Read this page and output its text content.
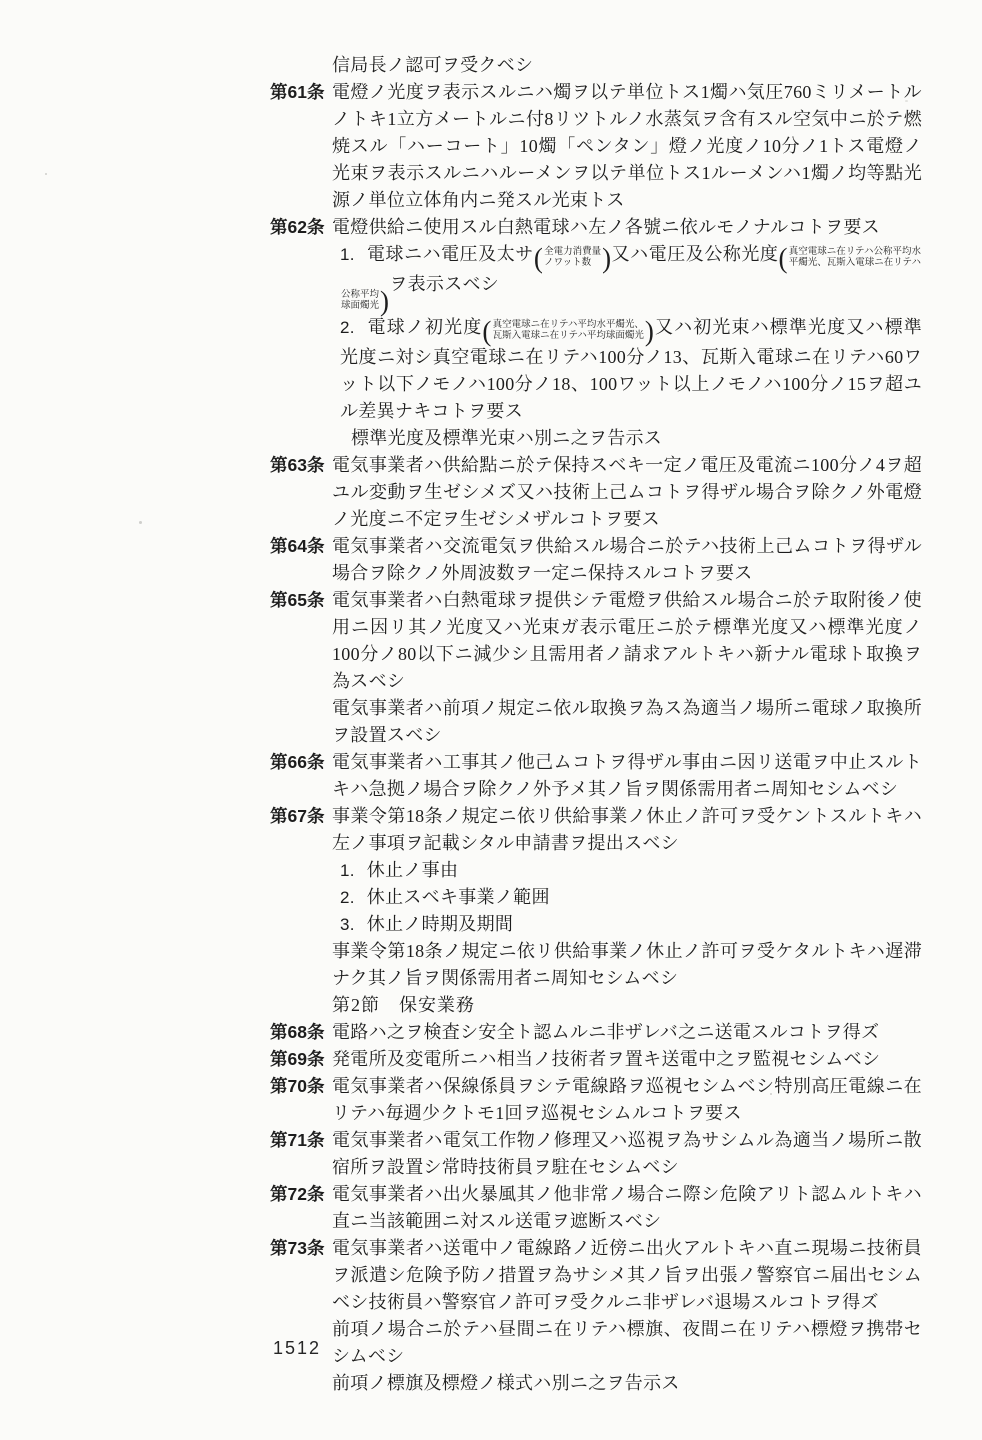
信局長ノ認可ヲ受クベシ

第61条 電燈ノ光度ヲ表示スルニハ燭ヲ以テ単位トス1燭ハ気圧760ミリメートルノトキ1立方メートルニ付8リツトルノ水蒸気ヲ含有スル空気中ニ於テ燃焼スル「ハーコート」10燭「ペンタン」燈ノ光度ノ10分ノ1トス電燈ノ光束ヲ表示スルニハルーメンヲ以テ単位トス1ルーメンハ1燭ノ均等點光源ノ単位立体角内ニ発スル光束トス

第62条 電燈供給ニ使用スル白熱電球ハ左ノ各號ニ依ルモノナルコトヲ要ス

1. 電球ニハ電圧及太サ ( 全電力消費量
ノワット数 ) 又ハ電圧及公称光度 ( 真空電球ニ在リテハ公称平均水
平燭光、瓦斯入電球ニ在リテハ
公称平均
球面燭光 )
ヲ表示スベシ

2. 電球ノ初光度 ( 真空電球ニ在リテハ平均水平燭光、
瓦斯入電球ニ在リテハ平均球面燭光 ) 又ハ初光束ハ標準光度又ハ標準光度ニ対シ真空電球ニ在リテハ100分ノ13、瓦斯入電球ニ在リテハ60ワット以下ノモノハ100分ノ18、100ワット以上ノモノハ100分ノ15ヲ超ユル差異ナキコトヲ要ス

標準光度及標準光束ハ別ニ之ヲ告示ス

第63条 電気事業者ハ供給點ニ於テ保持スベキ一定ノ電圧及電流ニ100分ノ4ヲ超ユル変動ヲ生ゼシメズ又ハ技術上己ムコトヲ得ザル場合ヲ除クノ外電燈ノ光度ニ不定ヲ生ゼシメザルコトヲ要ス

第64条 電気事業者ハ交流電気ヲ供給スル場合ニ於テハ技術上己ムコトヲ得ザル場合ヲ除クノ外周波数ヲ一定ニ保持スルコトヲ要ス

第65条 電気事業者ハ白熱電球ヲ提供シテ電燈ヲ供給スル場合ニ於テ取附後ノ使用ニ因リ其ノ光度又ハ光束ガ表示電圧ニ於テ標準光度又ハ標準光度ノ100分ノ80以下ニ減少シ且需用者ノ請求アルトキハ新ナル電球ト取換ヲ為スベシ

電気事業者ハ前項ノ規定ニ依ル取換ヲ為ス為適当ノ場所ニ電球ノ取換所ヲ設置スベシ

第66条 電気事業者ハ工事其ノ他己ムコトヲ得ザル事由ニ因リ送電ヲ中止スルトキハ急拠ノ場合ヲ除クノ外予メ其ノ旨ヲ関係需用者ニ周知セシムベシ

第67条 事業令第18条ノ規定ニ依リ供給事業ノ休止ノ許可ヲ受ケントスルトキハ左ノ事項ヲ記載シタル申請書ヲ提出スベシ

1. 休止ノ事由

2. 休止スベキ事業ノ範囲

3. 休止ノ時期及期間

事業令第18条ノ規定ニ依リ供給事業ノ休止ノ許可ヲ受ケタルトキハ遅滞ナク其ノ旨ヲ関係需用者ニ周知セシムベシ

第2節　保安業務

第68条 電路ハ之ヲ検査シ安全ト認ムルニ非ザレバ之ニ送電スルコトヲ得ズ

第69条 発電所及変電所ニハ相当ノ技術者ヲ置キ送電中之ヲ監視セシムベシ

第70条 電気事業者ハ保線係員ヲシテ電線路ヲ巡視セシムベシ特別高圧電線ニ在リテハ毎週少クトモ1回ヲ巡視セシムルコトヲ要ス

第71条 電気事業者ハ電気工作物ノ修理又ハ巡視ヲ為サシムル為適当ノ場所ニ散宿所ヲ設置シ常時技術員ヲ駐在セシムベシ

第72条 電気事業者ハ出火暴風其ノ他非常ノ場合ニ際シ危険アリト認ムルトキハ直ニ当該範囲ニ対スル送電ヲ遮断スベシ

第73条 電気事業者ハ送電中ノ電線路ノ近傍ニ出火アルトキハ直ニ現場ニ技術員ヲ派遣シ危険予防ノ措置ヲ為サシメ其ノ旨ヲ出張ノ警察官ニ届出セシムベシ技術員ハ警察官ノ許可ヲ受クルニ非ザレバ退場スルコトヲ得ズ

前項ノ場合ニ於テハ昼間ニ在リテハ標旗、夜間ニ在リテハ標燈ヲ携帯セシムベシ

前項ノ標旗及標燈ノ様式ハ別ニ之ヲ告示ス

1512
